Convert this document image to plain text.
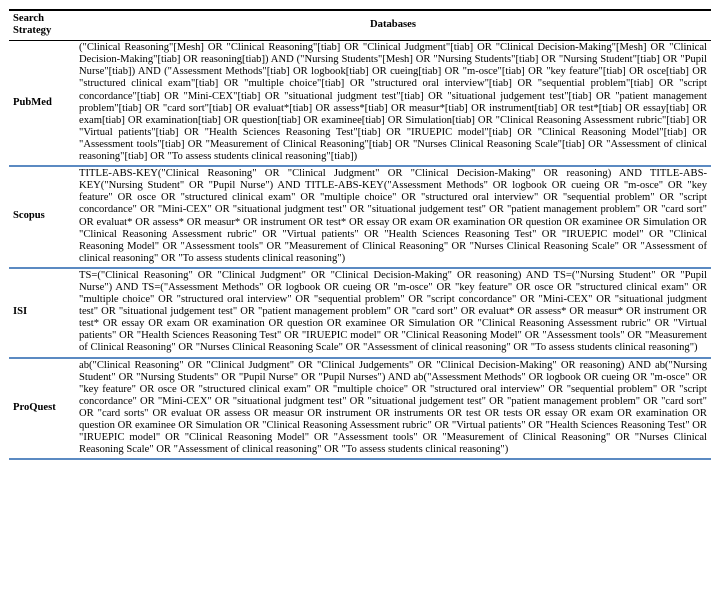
Search Strategy	Databases
PubMed	("Clinical Reasoning"[Mesh] OR "Clinical Reasoning"[tiab] OR "Clinical Judgment"[tiab] OR "Clinical Decision-Making"[Mesh] OR "Clinical Decision-Making"[tiab] OR reasoning[tiab]) AND ("Nursing Students"[Mesh] OR "Nursing Students"[tiab] OR "Nursing Student"[tiab] OR "Pupil Nurse"[tiab]) AND ("Assessment Methods"[tiab] OR logbook[tiab] OR cueing[tiab] OR "m-osce"[tiab] OR "key feature"[tiab] OR osce[tiab] OR "structured clinical exam"[tiab] OR "multiple choice"[tiab] OR "structured oral interview"[tiab] OR "sequential problem"[tiab] OR "script concordance"[tiab] OR "Mini-CEX"[tiab] OR "situational judgment test"[tiab] OR "situational judgement test"[tiab] OR "patient management problem"[tiab] OR "card sort"[tiab] OR evaluat*[tiab] OR assess*[tiab] OR measur*[tiab] OR instrument[tiab] OR test*[tiab] OR essay[tiab] OR exam[tiab] OR examination[tiab] OR question[tiab] OR examinee[tiab] OR Simulation[tiab] OR "Clinical Reasoning Assessment rubric"[tiab] OR "Virtual patients"[tiab] OR "Health Sciences Reasoning Test"[tiab] OR "IRUEPIC model"[tiab] OR "Clinical Reasoning Model"[tiab] OR "Assessment tools"[tiab] OR "Measurement of Clinical Reasoning"[tiab] OR "Nurses Clinical Reasoning Scale"[tiab] OR "Assessment of clinical reasoning"[tiab] OR "To assess students clinical reasoning"[tiab])
Scopus	TITLE-ABS-KEY("Clinical Reasoning" OR "Clinical Judgment" OR "Clinical Decision-Making" OR reasoning) AND TITLE-ABS-KEY("Nursing Student" OR "Pupil Nurse") AND TITLE-ABS-KEY("Assessment Methods" OR logbook OR cueing OR "m-osce" OR "key feature" OR osce OR "structured clinical exam" OR "multiple choice" OR "structured oral interview" OR "sequential problem" OR "script concordance" OR "Mini-CEX" OR "situational judgment test" OR "situational judgement test" OR "patient management problem" OR "card sort" OR evaluat* OR assess* OR measur* OR instrument OR test* OR essay OR exam OR examination OR question OR examinee OR Simulation OR "Clinical Reasoning Assessment rubric" OR "Virtual patients" OR "Health Sciences Reasoning Test" OR "IRUEPIC model" OR "Clinical Reasoning Model" OR "Assessment tools" OR "Measurement of Clinical Reasoning" OR "Nurses Clinical Reasoning Scale" OR "Assessment of clinical reasoning" OR "To assess students clinical reasoning")
ISI	TS=("Clinical Reasoning" OR "Clinical Judgment" OR "Clinical Decision-Making" OR reasoning) AND TS=("Nursing Student" OR "Pupil Nurse") AND TS=("Assessment Methods" OR logbook OR cueing OR "m-osce" OR "key feature" OR osce OR "structured clinical exam" OR "multiple choice" OR "structured oral interview" OR "sequential problem" OR "script concordance" OR "Mini-CEX" OR "situational judgment test" OR "situational judgement test" OR "patient management problem" OR "card sort" OR evaluat* OR assess* OR measur* OR instrument OR test* OR essay OR exam OR examination OR question OR examinee OR Simulation OR "Clinical Reasoning Assessment rubric" OR "Virtual patients" OR "Health Sciences Reasoning Test" OR "IRUEPIC model" OR "Clinical Reasoning Model" OR "Assessment tools" OR "Measurement of Clinical Reasoning" OR "Nurses Clinical Reasoning Scale" OR "Assessment of clinical reasoning" OR "To assess students clinical reasoning")
ProQuest	ab("Clinical Reasoning" OR "Clinical Judgment" OR "Clinical Judgements" OR "Clinical Decision-Making" OR reasoning) AND ab("Nursing Student" OR "Nursing Students" OR "Pupil Nurse" OR "Pupil Nurses") AND ab("Assessment Methods" OR logbook OR cueing OR "m-osce" OR "key feature" OR osce OR "structured clinical exam" OR "multiple choice" OR "structured oral interview" OR "sequential problem" OR "script concordance" OR "Mini-CEX" OR "situational judgment test" OR "situational judgement test" OR "patient management problem" OR "card sort" OR "card sorts" OR evaluat OR assess OR measur OR instrument OR instruments OR test OR tests OR essay OR exam OR examination OR question OR examinee OR Simulation OR "Clinical Reasoning Assessment rubric" OR "Virtual patients" OR "Health Sciences Reasoning Test" OR "IRUEPIC model" OR "Clinical Reasoning Model" OR "Assessment tools" OR "Measurement of Clinical Reasoning" OR "Nurses Clinical Reasoning Scale" OR "Assessment of clinical reasoning" OR "To assess students clinical reasoning")
